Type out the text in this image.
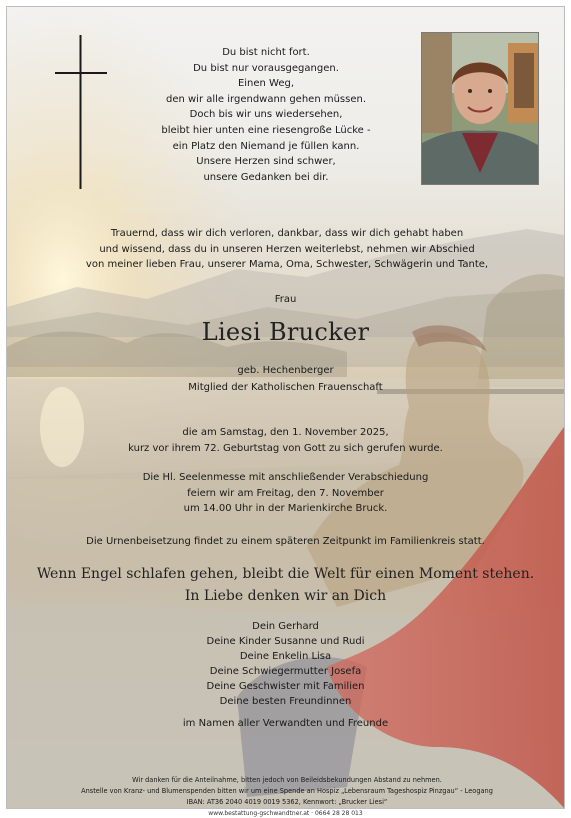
Du bist nicht fort.
Du bist nur vorausgegangen.
Einen Weg,
den wir alle irgendwann gehen müssen.
Doch bis wir uns wiedersehen,
bleibt hier unten eine riesengroße Lücke -
ein Platz den Niemand je füllen kann.
Unsere Herzen sind schwer,
unsere Gedanken bei dir.
Trauernd, dass wir dich verloren, dankbar, dass wir dich gehabt haben
und wissend, dass du in unseren Herzen weiterlebst, nehmen wir Abschied
von meiner lieben Frau, unserer Mama, Oma, Schwester, Schwägerin und Tante,
Frau
Liesi Brucker
geb. Hechenberger
Mitglied der Katholischen Frauenschaft
die am Samstag, den 1. November 2025,
kurz vor ihrem 72. Geburtstag von Gott zu sich gerufen wurde.
Die Hl. Seelenmesse mit anschließender Verabschiedung
feiern wir am Freitag, den 7. November
um 14.00 Uhr in der Marienkirche Bruck.
Die Urnenbeisetzung findet zu einem späteren Zeitpunkt im Familienkreis statt.
Wenn Engel schlafen gehen, bleibt die Welt für einen Moment stehen.
In Liebe denken wir an Dich
Dein Gerhard
Deine Kinder Susanne und Rudi
Deine Enkelin Lisa
Deine Schwiegermutter Josefa
Deine Geschwister mit Familien
Deine besten Freundinnen
im Namen aller Verwandten und Freunde
Wir danken für die Anteilnahme, bitten jedoch von Beileidsbekundungen Abstand zu nehmen.
Anstelle von Kranz- und Blumenspenden bitten wir um eine Spende an Hospiz „Lebensraum Tageshospiz Pinzgau“ - Leogang
IBAN: AT36 2040 4019 0019 5362, Kennwort: „Brucker Liesi“
www.bestattung-gschwandtner.at · 0664 28 28 013
